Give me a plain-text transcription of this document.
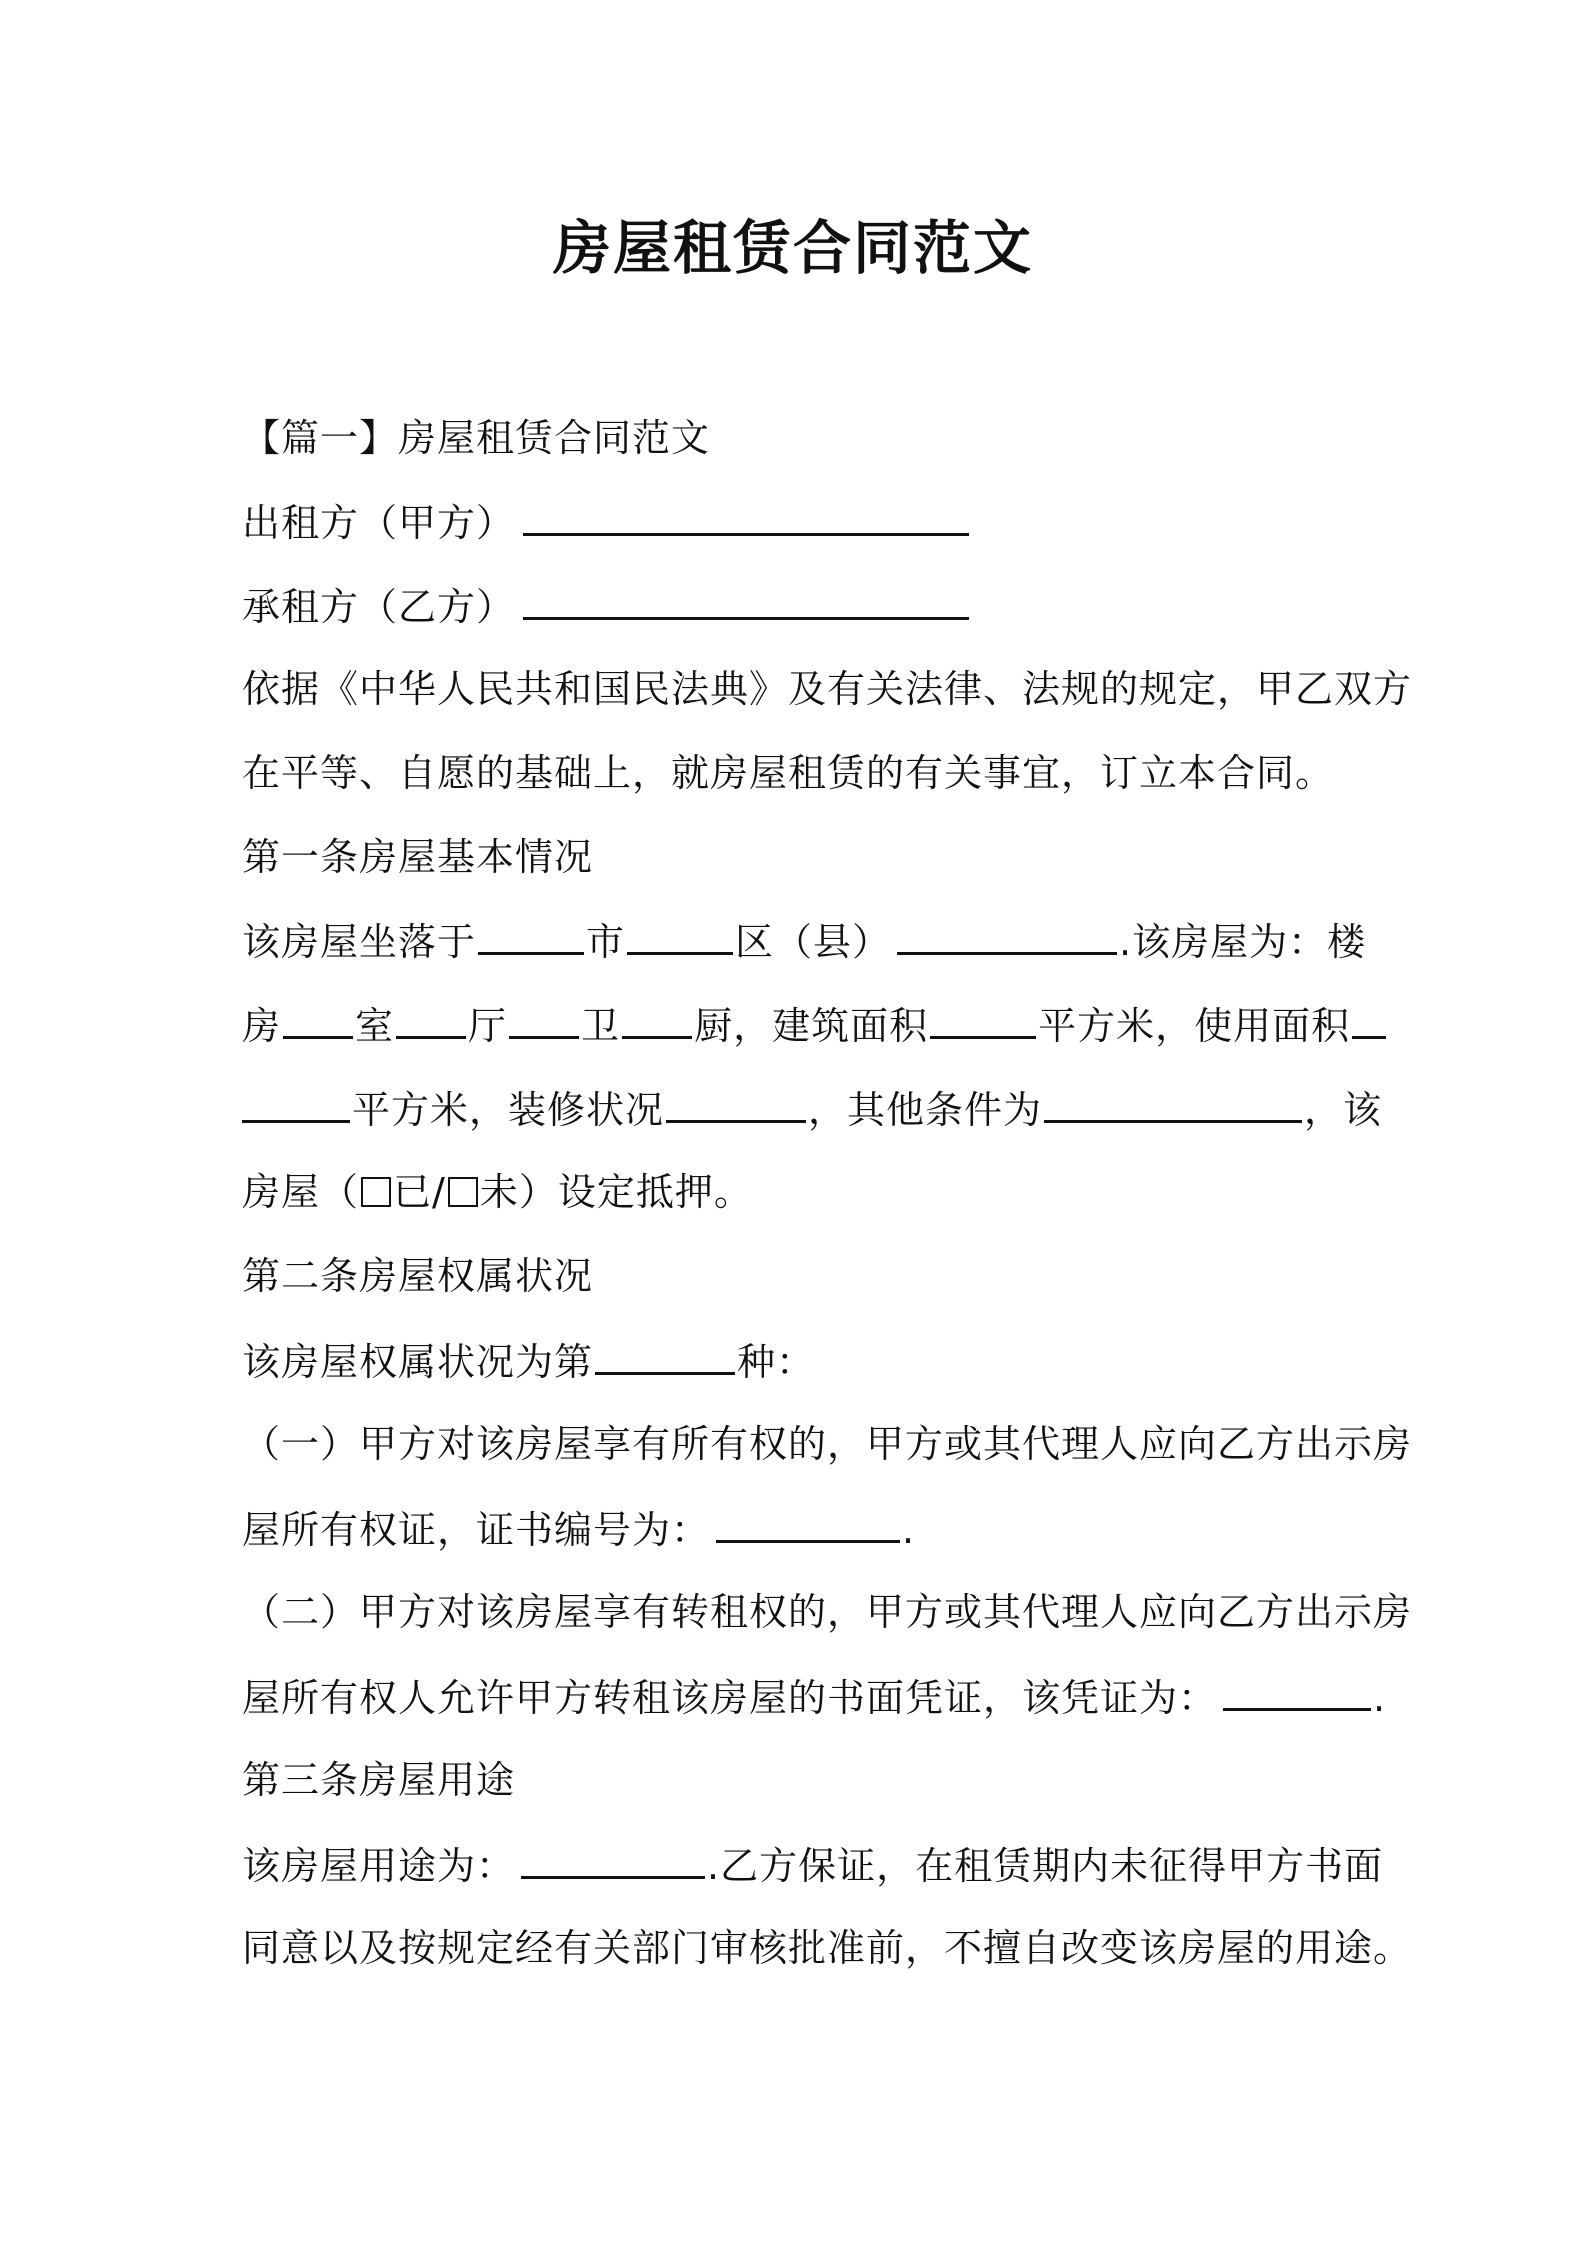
房屋租赁合同范文
【篇一】房屋租赁合同范文
出租方（甲方）
承租方（乙方）
依据《中华人民共和国民法典》及有关法律、法规的规定，甲乙双方
在平等、自愿的基础上，就房屋租赁的有关事宜，订立本合同。
第一条房屋基本情况
该房屋坐落于	市	区（县）	.该房屋为：楼
房 室 厅 卫 厨，建筑面积	平方米，使用面积
平方米，装修状况	，其他条件为	，该
房屋（ 已/ 未）设定抵押。
第二条房屋权属状况
该房屋权属状况为第	种：
（一）甲方对该房屋享有所有权的，甲方或其代理人应向乙方出示房
屋所有权证，证书编号为：	.
（二）甲方对该房屋享有转租权的，甲方或其代理人应向乙方出示房
屋所有权人允许甲方转租该房屋的书面凭证，该凭证为：	.
第三条房屋用途
该房屋用途为：	.乙方保证，在租赁期内未征得甲方书面
同意以及按规定经有关部门审核批准前，不擅自改变该房屋的用途。
